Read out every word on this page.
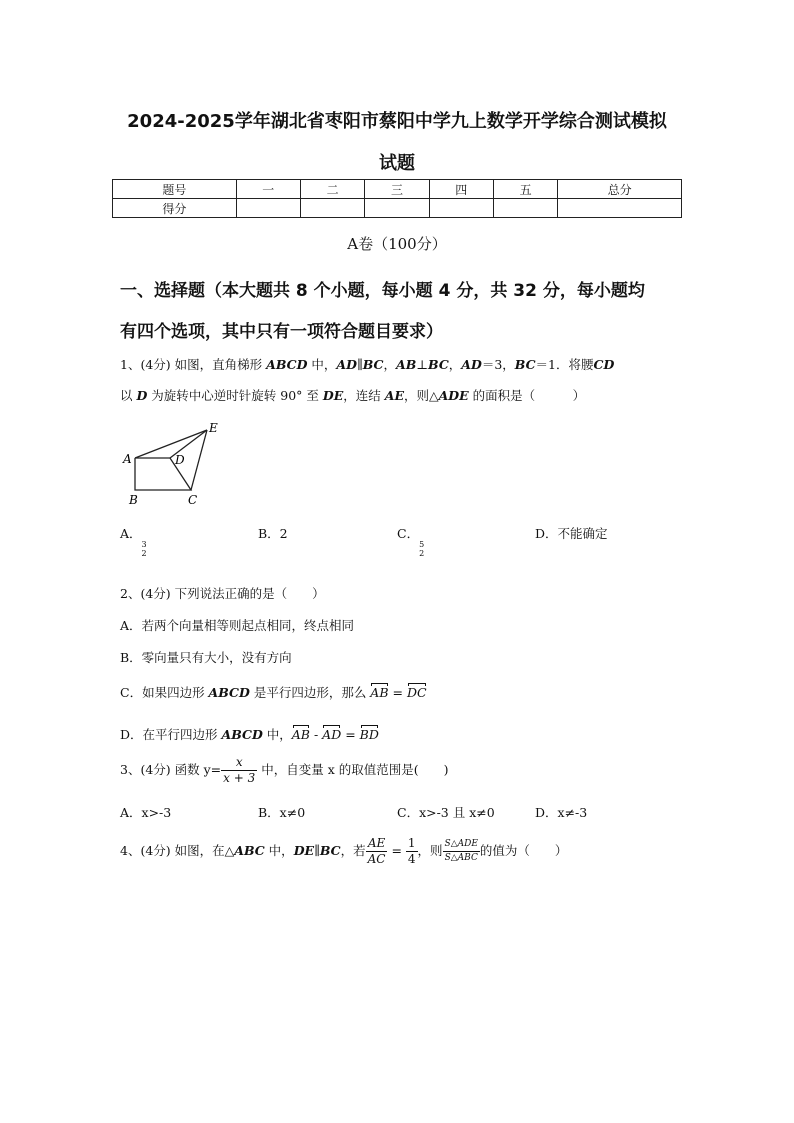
2024-2025学年湖北省枣阳市蔡阳中学九上数学开学综合测试模拟
试题
题号	一	二	三	四	五	总分
得分						
A卷（100分）
一、选择题（本大题共 8 个小题，每小题 4 分，共 32 分，每小题均
有四个选项，其中只有一项符合题目要求）
1、(4分) 如图，直角梯形 ABCD 中，AD∥BC，AB⊥BC，AD＝3，BC＝1．将腰CD
以 D 为旋转中心逆时针旋转 90° 至 DE，连结 AE，则△ADE 的面积是（　　　）
A
B	C
D
E
A．
3
2
B．2	C．
5
2
D．不能确定
2、(4分) 下列说法正确的是（　　）
A．若两个向量相等则起点相同，终点相同
B．零向量只有大小，没有方向
C．如果四边形 ABCD 是平行四边形，那么 AB = DC
D．在平行四边形 ABCD 中，AB - AD = BD
3、(4分) 函数 $y= \frac{x}{x + 3}$ 中，自变量 x 的取值范围是(　　)
A．x>-3	B．x≠0	C．x>-3 且 x≠0	D．x≠-3
4、(4分) 如图，在△ABC 中，DE∥BC，若 $\frac{AE}{AC} = \frac{1}{4}$ ，则 $\frac{\text{S△ADE}}{\text{S△ABC}}$ 的值为（　　）
